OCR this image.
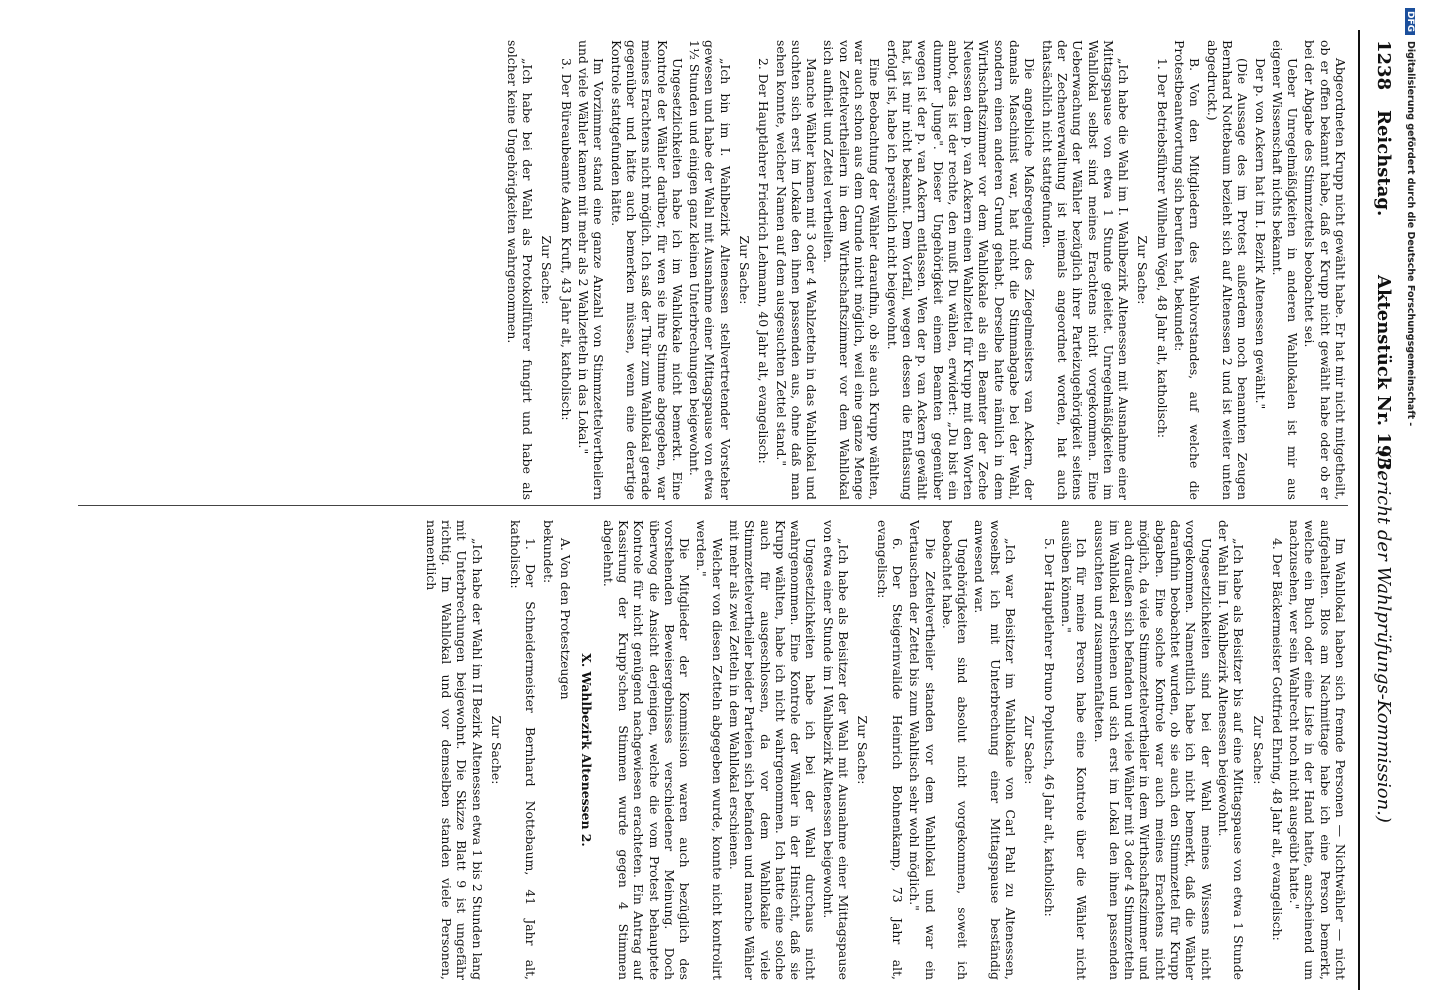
1238
Reichstag.
Aktenstück Nr. 193.
(Bericht der Wahlprüfungs-Kommission.)

Abgeordneten Krupp nicht gewählt habe. Er hat mir nicht mitgetheilt, ob er offen bekannt habe, daß er Krupp nicht gewählt habe oder ob er bei der Abgabe des Stimmzettels beobachtet sei.

Ueber Unregelmäßigkeiten in anderen Wahllokalen ist mir aus eigener Wissenschaft nichts bekannt.

Der p. von Ackern hat im I. Bezirk Altenessen gewählt."

(Die Aussage des im Protest außerdem noch benannten Zeugen Bernhard Nottebaum bezieht sich auf Altenessen 2 und ist weiter unten abgedruckt.)

B. Von den Mitgliedern des Wahlvorstandes, auf welche die Protestbeantwortung sich berufen hat, bekundet:

1. Der Betriebsführer Wilhelm Vögel, 48 Jahr alt, katholisch:

Zur Sache:

„Ich habe die Wahl im I. Wahlbezirk Altenessen mit Ausnahme einer Mittagspause von etwa 1 Stunde geleitet. Unregelmäßigkeiten im Wahllokal selbst sind meines Erachtens nicht vorgekommen. Eine Ueberwachung der Wähler bezüglich ihrer Parteizugehörigkeit seitens der Zechenverwaltung ist niemals angeordnet worden, hat auch thatsächlich nicht stattgefunden.

Die angebliche Maßregelung des Ziegelmeisters van Ackern, der damals Maschinist war, hat nicht die Stimmabgabe bei der Wahl, sondern einen anderen Grund gehabt. Derselbe hatte nämlich in dem Wirthschaftszimmer vor dem Wahllokale als ein Beamter der Zeche Neuessen dem p. van Ackern einen Wahlzettel für Krupp mit den Worten anbot, das ist der rechte, den mußt Du wählen, erwidert: „Du bist ein dummer Junge". Dieser Ungehörigkeit einem Beamten gegenüber wegen ist der p. van Ackern entlassen. Wen der p. van Ackern gewählt hat, ist mir nicht bekannt. Dem Vorfall, wegen dessen die Entlassung erfolgt ist, habe ich persönlich nicht beigewohnt.

Eine Beobachtung der Wähler daraufhin, ob sie auch Krupp wählten, war auch schon aus dem Grunde nicht möglich, weil eine ganze Menge von Zettelvertheilern in dem Wirthschaftszimmer vor dem Wahllokal sich aufhielt und Zettel vertheilten.

Manche Wähler kamen mit 3 oder 4 Wahlzetteln in das Wahllokal und suchten sich erst im Lokale den ihnen passenden aus, ohne daß man sehen konnte, welcher Namen auf dem ausgesuchten Zettel stand."

2. Der Hauptlehrer Friedrich Lehmann, 40 Jahr alt, evangelisch:

Zur Sache:

„Ich bin im I. Wahlbezirk Altenessen stellvertretender Vorsteher gewesen und habe der Wahl mit Ausnahme einer Mittagspause von etwa 1½ Stunden und einigen ganz kleinen Unterbrechungen beigewohnt.

Ungesetzlichkeiten habe ich im Wahllokale nicht bemerkt. Eine Kontrole der Wähler darüber, für wen sie ihre Stimme abgegeben, war meines Erachtens nicht möglich. Ich saß der Thür zum Wahllokal gerade gegenüber und hätte auch bemerken müssen, wenn eine derartige Kontrole stattgefunden hätte.

Im Vorzimmer stand eine ganze Anzahl von Stimmzettelvertheilern und viele Wähler kamen mit mehr als 2 Wahlzetteln in das Lokal."

3. Der Büreaubeamte Adam Kruft, 43 Jahr alt, katholisch:

Zur Sache:

„Ich habe bei der Wahl als Protokollführer fungirt und habe als solcher keine Ungehörigkeiten wahrgenommen.

Im Wahllokal haben sich fremde Personen — Nichtwähler — nicht aufgehalten. Blos am Nachmittage habe ich eine Person bemerkt, welche ein Buch oder eine Liste in der Hand hatte, anscheinend um nachzusehen, wer sein Wahlrecht noch nicht ausgeübt hatte."

4. Der Bäckermeister Gottfried Ehring, 48 Jahr alt, evangelisch:

Zur Sache:

„Ich habe als Beisitzer bis auf eine Mittagspause von etwa 1 Stunde der Wahl im I. Wahlbezirk Altenessen beigewohnt.

Ungesetzlichkeiten sind bei der Wahl meines Wissens nicht vorgekommen. Namentlich habe ich nicht bemerkt, daß die Wähler daraufhin beobachtet wurden, ob sie auch den Stimmzettel für Krupp abgaben. Eine solche Kontrole war auch meines Erachtens nicht möglich, da viele Stimmzettelvertheiler in dem Wirthschaftszimmer und auch draußen sich befanden und viele Wähler mit 3 oder 4 Stimmzetteln im Wahllokal erschienen und sich erst im Lokal den ihnen passenden aussuchten und zusammenfalteten.

Ich für meine Person habe eine Kontrole über die Wähler nicht ausüben können."

5. Der Hauptlehrer Bruno Poplutsch, 46 Jahr alt, katholisch:

Zur Sache:

„Ich war Beisitzer im Wahllokale von Carl Pahl zu Altenessen, woselbst ich mit Unterbrechung einer Mittagspause beständig anwesend war.

Ungehörigkeiten sind absolut nicht vorgekommen, soweit ich beobachtet habe.

Die Zettelvertheiler standen vor dem Wahllokal und war ein Vertauschen der Zettel bis zum Wahltisch sehr wohl möglich."

6. Der Steigerinvalide Heinrich Bohnenkamp, 73 Jahr alt, evangelisch:

Zur Sache:

„Ich habe als Beisitzer der Wahl mit Ausnahme einer Mittagspause von etwa einer Stunde im I Wahlbezirk Altenessen beigewohnt.

Ungesetzlichkeiten habe ich bei der Wahl durchaus nicht wahrgenommen. Eine Kontrole der Wähler in der Hinsicht, daß sie Krupp wählten, habe ich nicht wahrgenommen. Ich hatte eine solche auch für ausgeschlossen, da vor dem Wahllokale viele Stimmzettelvertheiler beider Parteien sich befanden und manche Wähler mit mehr als zwei Zetteln in dem Wahllokal erschienen.

Welcher von diesen Zetteln abgegeben wurde, konnte nicht kontrolirt werden."

Die Mitglieder der Kommission waren auch bezüglich des vorstehenden Beweisergebnisses verschiedener Meinung. Doch überwog die Ansicht derjenigen, welche die vom Protest behauptete Kontrole für nicht genügend nachgewiesen erachteten. Ein Antrag auf Kassirung der Krupp'schen Stimmen wurde gegen 4 Stimmen abgelehnt.

X. Wahlbezirk Altenessen 2.

A. Von den Protestzeugen

bekundet:

1. Der Schneidermeister Bernhard Nottebaum, 41 Jahr alt, katholisch:

Zur Sache:

„Ich habe der Wahl im II Bezirk Altenessen etwa 1 bis 2 Stunden lang mit Unterbrechungen beigewohnt. Die Skizze Blatt 9 ist ungefähr richtig. Im Wahllokal und vor demselben standen viele Personen, namentlich

DFGDigitalisierung gefördert durch die Deutsche Forschungsgemeinschaft -
